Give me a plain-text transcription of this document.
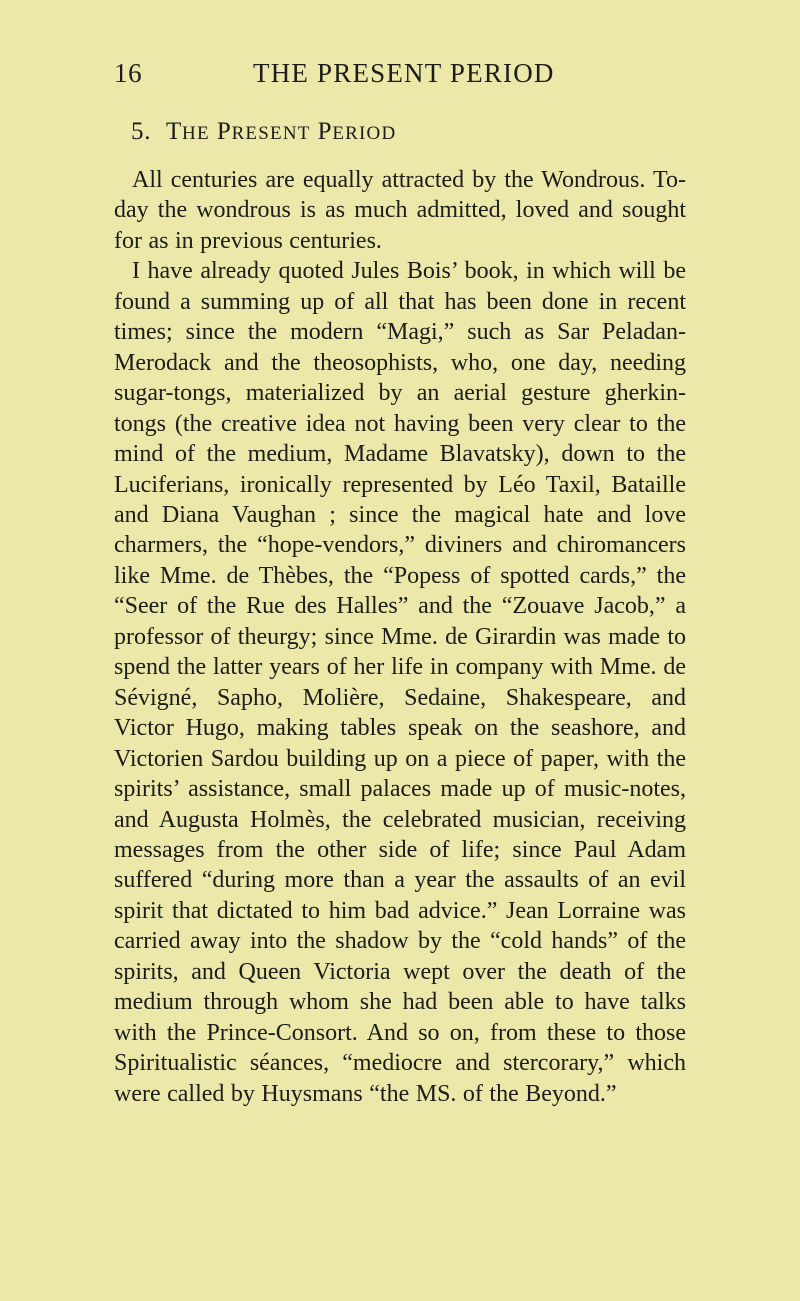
16	THE PRESENT PERIOD
5. THE PRESENT PERIOD

All centuries are equally attracted by the Wondrous. To-day the wondrous is as much admitted, loved and sought for as in previous centuries.

I have already quoted Jules Bois’ book, in which will be found a summing up of all that has been done in recent times; since the modern “Magi,” such as Sar Peladan-Merodack and the theosophists, who, one day, needing sugar-tongs, materialized by an aerial gesture gherkin-tongs (the creative idea not having been very clear to the mind of the medium, Madame Blavatsky), down to the Luciferians, ironically represented by Léo Taxil, Bataille and Diana Vaughan ; since the magical hate and love charmers, the “hope-vendors,” diviners and chiromancers like Mme. de Thèbes, the “Popess of spotted cards,” the “Seer of the Rue des Halles” and the “Zouave Jacob,” a professor of theurgy; since Mme. de Girardin was made to spend the latter years of her life in company with Mme. de Sévigné, Sapho, Molière, Sedaine, Shakespeare, and Victor Hugo, making tables speak on the seashore, and Victorien Sardou building up on a piece of paper, with the spirits’ assistance, small palaces made up of music-notes, and Augusta Holmès, the celebrated musician, receiving messages from the other side of life; since Paul Adam suffered “during more than a year the assaults of an evil spirit that dictated to him bad advice.” Jean Lorraine was carried away into the shadow by the “cold hands” of the spirits, and Queen Victoria wept over the death of the medium through whom she had been able to have talks with the Prince-Consort. And so on, from these to those Spiritualistic séances, “mediocre and stercorary,” which were called by Huysmans “the MS. of the Beyond.”
